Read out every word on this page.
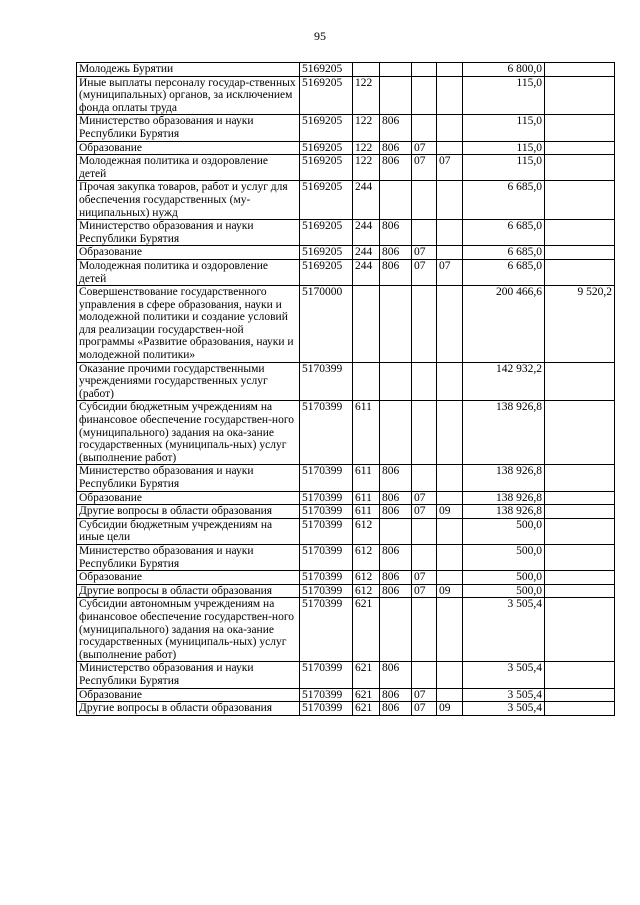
95
Молодежь Бурятии	5169205					6 800,0	
Иные выплаты персоналу государ-ственных (муниципальных) органов, за исключением фонда оплаты труда	5169205	122				115,0	
Министерство образования и науки Республики Бурятия	5169205	122	806			115,0	
Образование	5169205	122	806	07		115,0	
Молодежная политика и оздоровление детей	5169205	122	806	07	07	115,0	
Прочая закупка товаров, работ и услуг для обеспечения государственных (му-ниципальных) нужд	5169205	244				6 685,0	
Министерство образования и науки Республики Бурятия	5169205	244	806			6 685,0	
Образование	5169205	244	806	07		6 685,0	
Молодежная политика и оздоровление детей	5169205	244	806	07	07	6 685,0	
Совершенствование государственного управления в сфере образования, науки и молодежной политики и создание условий для реализации государствен-ной программы «Развитие образования, науки и молодежной политики»	5170000					200 466,6	9 520,2
Оказание прочими государственными учреждениями государственных услуг (работ)	5170399					142 932,2	
Субсидии бюджетным учреждениям на финансовое обеспечение государствен-ного (муниципального) задания на ока-зание государственных (муниципаль-ных) услуг (выполнение работ)	5170399	611				138 926,8	
Министерство образования и науки Республики Бурятия	5170399	611	806			138 926,8	
Образование	5170399	611	806	07		138 926,8	
Другие вопросы в области образования	5170399	611	806	07	09	138 926,8	
Субсидии бюджетным учреждениям на иные цели	5170399	612				500,0	
Министерство образования и науки Республики Бурятия	5170399	612	806			500,0	
Образование	5170399	612	806	07		500,0	
Другие вопросы в области образования	5170399	612	806	07	09	500,0	
Субсидии автономным учреждениям на финансовое обеспечение государствен-ного (муниципального) задания на ока-зание государственных (муниципаль-ных) услуг (выполнение работ)	5170399	621				3 505,4	
Министерство образования и науки Республики Бурятия	5170399	621	806			3 505,4	
Образование	5170399	621	806	07		3 505,4	
Другие вопросы в области образования	5170399	621	806	07	09	3 505,4	
